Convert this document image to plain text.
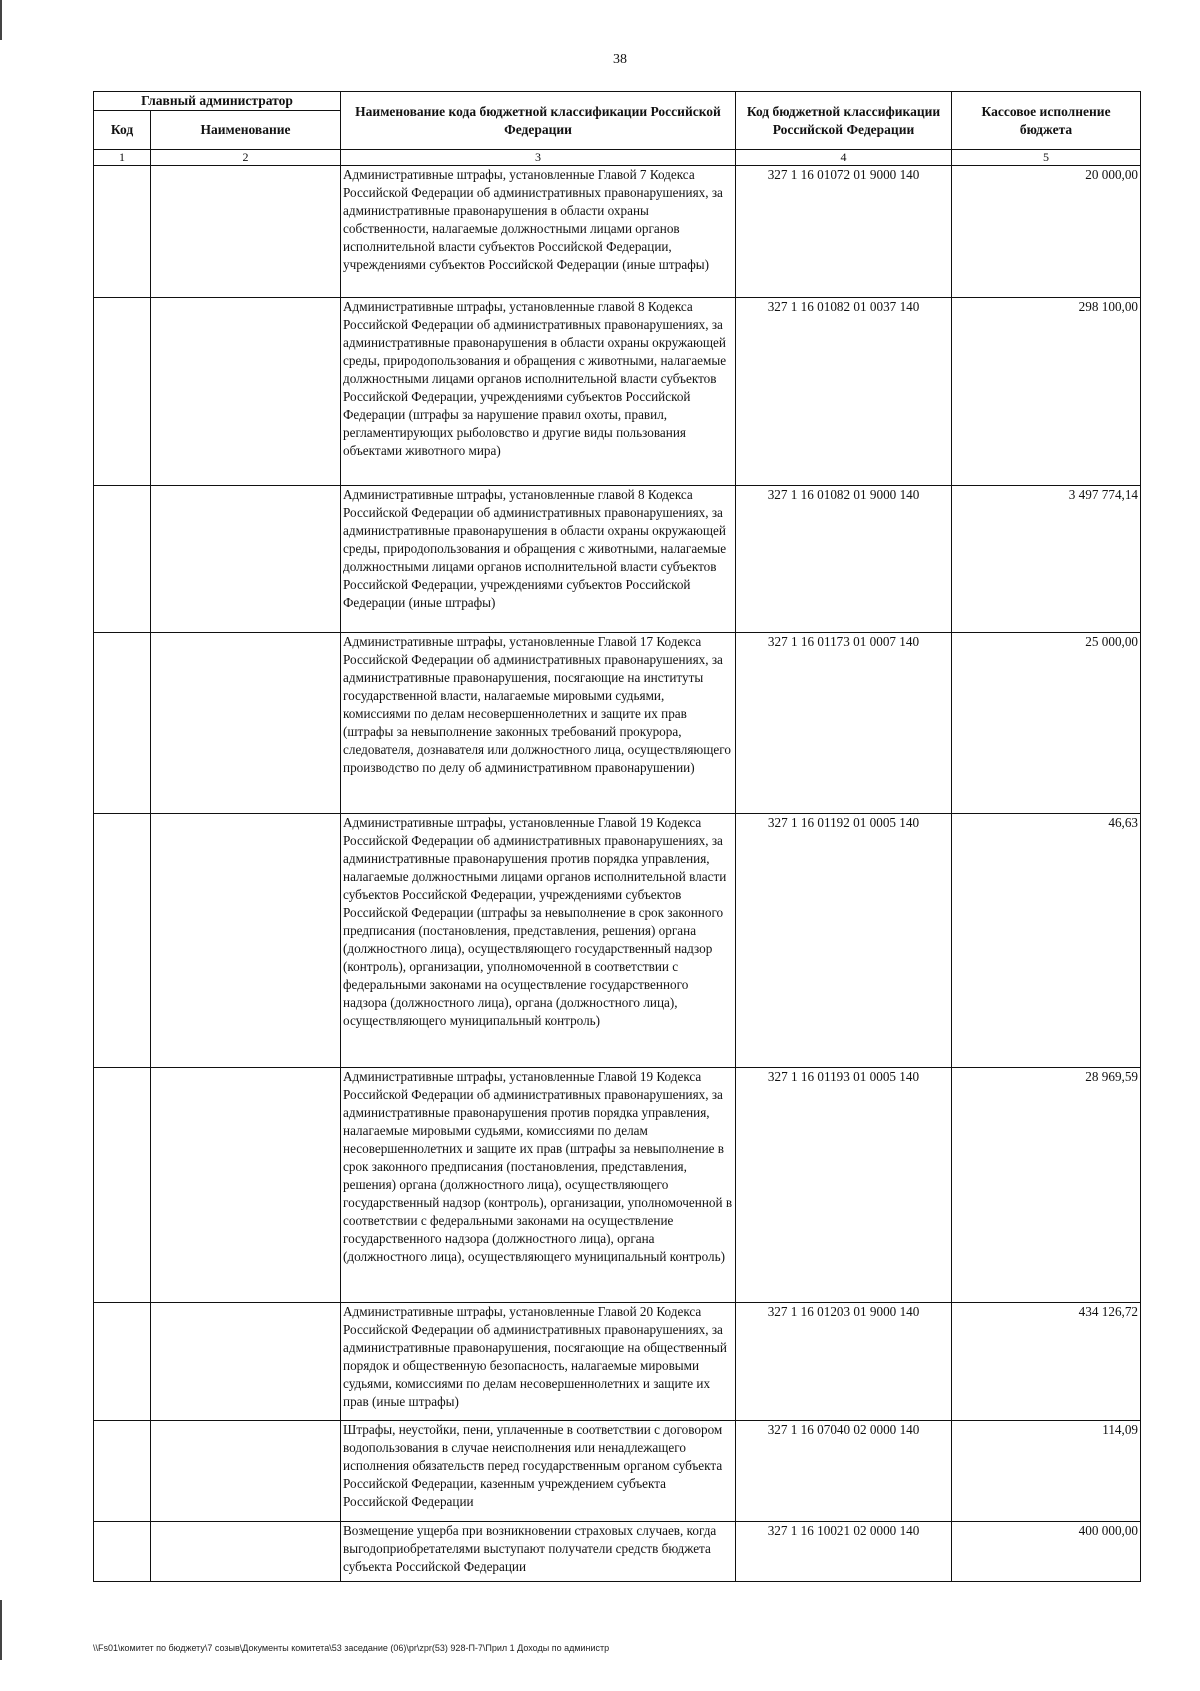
38
Главный администратор		Наименование кода бюджетной классификации Российской Федерации	Код бюджетной классификации Российской Федерации	Кассовое исполнение бюджета
Код	Наименование			
1	2	3	4	5
		Административные штрафы, установленные Главой 7 Кодекса Российской Федерации об административных правонарушениях, за административные правонарушения в области охраны собственности, налагаемые должностными лицами органов исполнительной власти субъектов Российской Федерации, учреждениями субъектов Российской Федерации (иные штрафы)	327 1 16 01072 01 9000 140	20 000,00
		Административные штрафы, установленные главой 8 Кодекса Российской Федерации об административных правонарушениях, за административные правонарушения в области охраны окружающей среды, природопользования и обращения с животными, налагаемые должностными лицами органов исполнительной власти субъектов Российской Федерации, учреждениями субъектов Российской Федерации (штрафы за нарушение правил охоты, правил, регламентирующих рыболовство и другие виды пользования объектами животного мира)	327 1 16 01082 01 0037 140	298 100,00
		Административные штрафы, установленные главой 8 Кодекса Российской Федерации об административных правонарушениях, за административные правонарушения в области охраны окружающей среды, природопользования и обращения с животными, налагаемые должностными лицами органов исполнительной власти субъектов Российской Федерации, учреждениями субъектов Российской Федерации (иные штрафы)	327 1 16 01082 01 9000 140	3 497 774,14
		Административные штрафы, установленные Главой 17 Кодекса Российской Федерации об административных правонарушениях, за административные правонарушения, посягающие на институты государственной власти, налагаемые мировыми судьями, комиссиями по делам несовершеннолетних и защите их прав (штрафы за невыполнение законных требований прокурора, следователя, дознавателя или должностного лица, осуществляющего производство по делу об административном правонарушении)	327 1 16 01173 01 0007 140	25 000,00
		Административные штрафы, установленные Главой 19 Кодекса Российской Федерации об административных правонарушениях, за административные правонарушения против порядка управления, налагаемые должностными лицами органов исполнительной власти субъектов Российской Федерации, учреждениями субъектов Российской Федерации (штрафы за невыполнение в срок законного предписания (постановления, представления, решения) органа (должностного лица), осуществляющего государственный надзор (контроль), организации, уполномоченной в соответствии с федеральными законами на осуществление государственного надзора (должностного лица), органа (должностного лица), осуществляющего муниципальный контроль)	327 1 16 01192 01 0005 140	46,63
		Административные штрафы, установленные Главой 19 Кодекса Российской Федерации об административных правонарушениях, за административные правонарушения против порядка управления, налагаемые мировыми судьями, комиссиями по делам несовершеннолетних и защите их прав (штрафы за невыполнение в срок законного предписания (постановления, представления, решения) органа (должностного лица), осуществляющего государственный надзор (контроль), организации, уполномоченной в соответствии с федеральными законами на осуществление государственного надзора (должностного лица), органа (должностного лица), осуществляющего муниципальный контроль)	327 1 16 01193 01 0005 140	28 969,59
		Административные штрафы, установленные Главой 20 Кодекса Российской Федерации об административных правонарушениях, за административные правонарушения, посягающие на общественный порядок и общественную безопасность, налагаемые мировыми судьями, комиссиями по делам несовершеннолетних и защите их прав (иные штрафы)	327 1 16 01203 01 9000 140	434 126,72
		Штрафы, неустойки, пени, уплаченные в соответствии с договором водопользования в случае неисполнения или ненадлежащего исполнения обязательств перед государственным органом субъекта Российской Федерации, казенным учреждением субъекта Российской Федерации	327 1 16 07040 02 0000 140	114,09
		Возмещение ущерба при возникновении страховых случаев, когда выгодоприобретателями выступают получатели средств бюджета субъекта Российской Федерации	327 1 16 10021 02 0000 140	400 000,00
\\Fs01\комитет по бюджету\7 созыв\Документы комитета\53 заседание (06)\pr\zpr(53) 928-П-7\Прил 1 Доходы по администр
